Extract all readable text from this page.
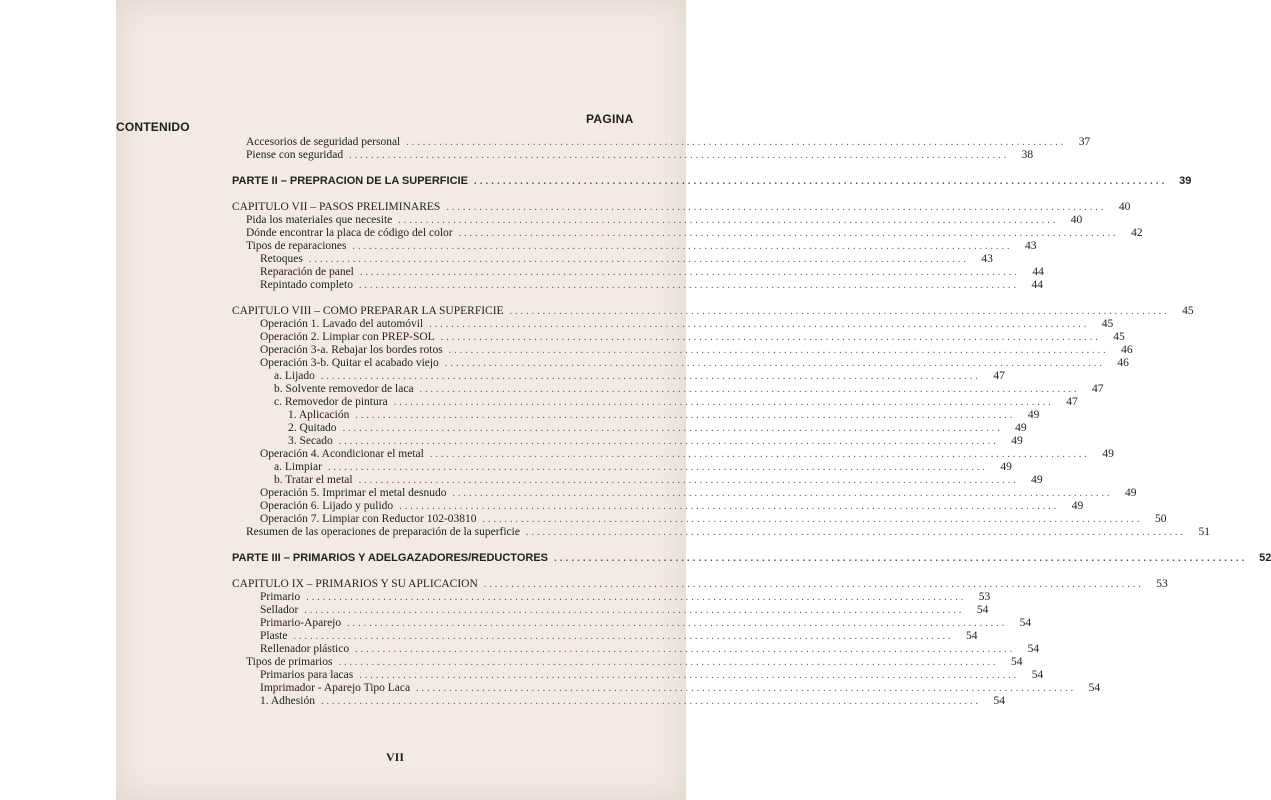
CONTENIDO
PAGINA
Accesorios de seguridad personal ........................................................................................................................	37
Piense con seguridad ........................................................................................................................	38
PARTE II – PREPRACION DE LA SUPERFICIE ........................................................................................................................	39
CAPITULO VII – PASOS PRELIMINARES ........................................................................................................................	40
Pida los materiales que necesite ........................................................................................................................	40
Dónde encontrar la placa de código del color ........................................................................................................................	42
Tipos de reparaciones ........................................................................................................................	43
Retoques ........................................................................................................................	43
Reparación de panel ........................................................................................................................	44
Repintado completo ........................................................................................................................	44
CAPITULO VIII – COMO PREPARAR LA SUPERFICIE ........................................................................................................................	45
Operación 1. Lavado del automóvil ........................................................................................................................	45
Operación 2. Limpiar con PREP-SOL ........................................................................................................................	45
Operación 3-a. Rebajar los bordes rotos ........................................................................................................................	46
Operación 3-b. Quitar el acabado viejo ........................................................................................................................	46
a. Lijado ........................................................................................................................	47
b. Solvente removedor de laca ........................................................................................................................	47
c. Removedor de pintura ........................................................................................................................	47
1. Aplicación ........................................................................................................................	49
2. Quitado ........................................................................................................................	49
3. Secado ........................................................................................................................	49
Operación 4. Acondicionar el metal ........................................................................................................................	49
a. Limpiar ........................................................................................................................	49
b. Tratar el metal ........................................................................................................................	49
Operación 5. Imprimar el metal desnudo ........................................................................................................................	49
Operación 6. Lijado y pulido ........................................................................................................................	49
Operación 7. Limpiar con Reductor 102-03810 ........................................................................................................................	50
Resumen de las operaciones de preparación de la superficie ........................................................................................................................	51
PARTE III – PRIMARIOS Y ADELGAZADORES/REDUCTORES ........................................................................................................................	52
CAPITULO IX – PRIMARIOS Y SU APLICACION ........................................................................................................................	53
Primario ........................................................................................................................	53
Sellador ........................................................................................................................	54
Primario-Aparejo ........................................................................................................................	54
Plaste ........................................................................................................................	54
Rellenador plástico ........................................................................................................................	54
Tipos de primarios ........................................................................................................................	54
Primarios para lacas ........................................................................................................................	54
Imprimador - Aparejo Tipo Laca ........................................................................................................................	54
1. Adhesión ........................................................................................................................	54
VII
